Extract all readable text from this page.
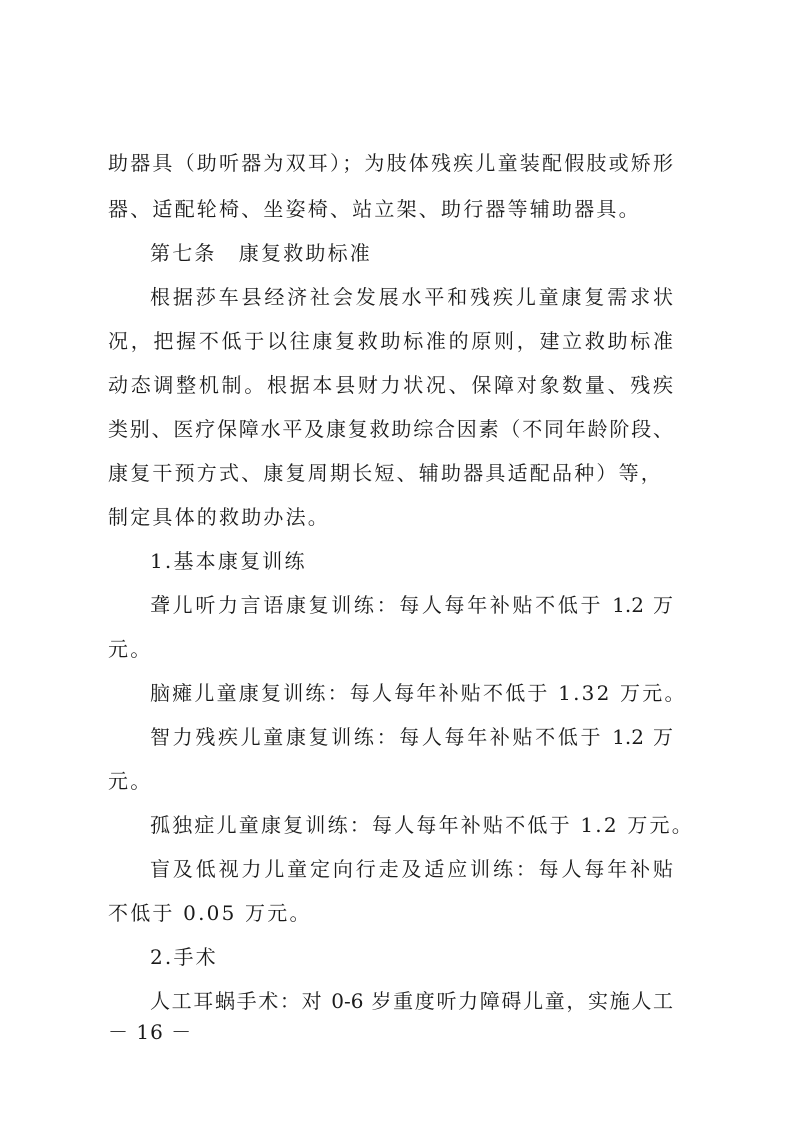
助器具（助听器为双耳）；为肢体残疾儿童装配假肢或矫形
器、适配轮椅、坐姿椅、站立架、助行器等辅助器具。
第七条　康复救助标准
根据莎车县经济社会发展水平和残疾儿童康复需求状
况，把握不低于以往康复救助标准的原则，建立救助标准
动态调整机制。根据本县财力状况、保障对象数量、残疾
类别、医疗保障水平及康复救助综合因素（不同年龄阶段、
康复干预方式、康复周期长短、辅助器具适配品种）等，
制定具体的救助办法。
1.基本康复训练
聋儿听力言语康复训练：每人每年补贴不低于 1.2 万
元。
脑瘫儿童康复训练：每人每年补贴不低于 1.32 万元。
智力残疾儿童康复训练：每人每年补贴不低于 1.2 万
元。
孤独症儿童康复训练：每人每年补贴不低于 1.2 万元。
盲及低视力儿童定向行走及适应训练：每人每年补贴
不低于 0.05 万元。
2.手术
人工耳蜗手术：对 0-6 岁重度听力障碍儿童，实施人工
－ 16 －
